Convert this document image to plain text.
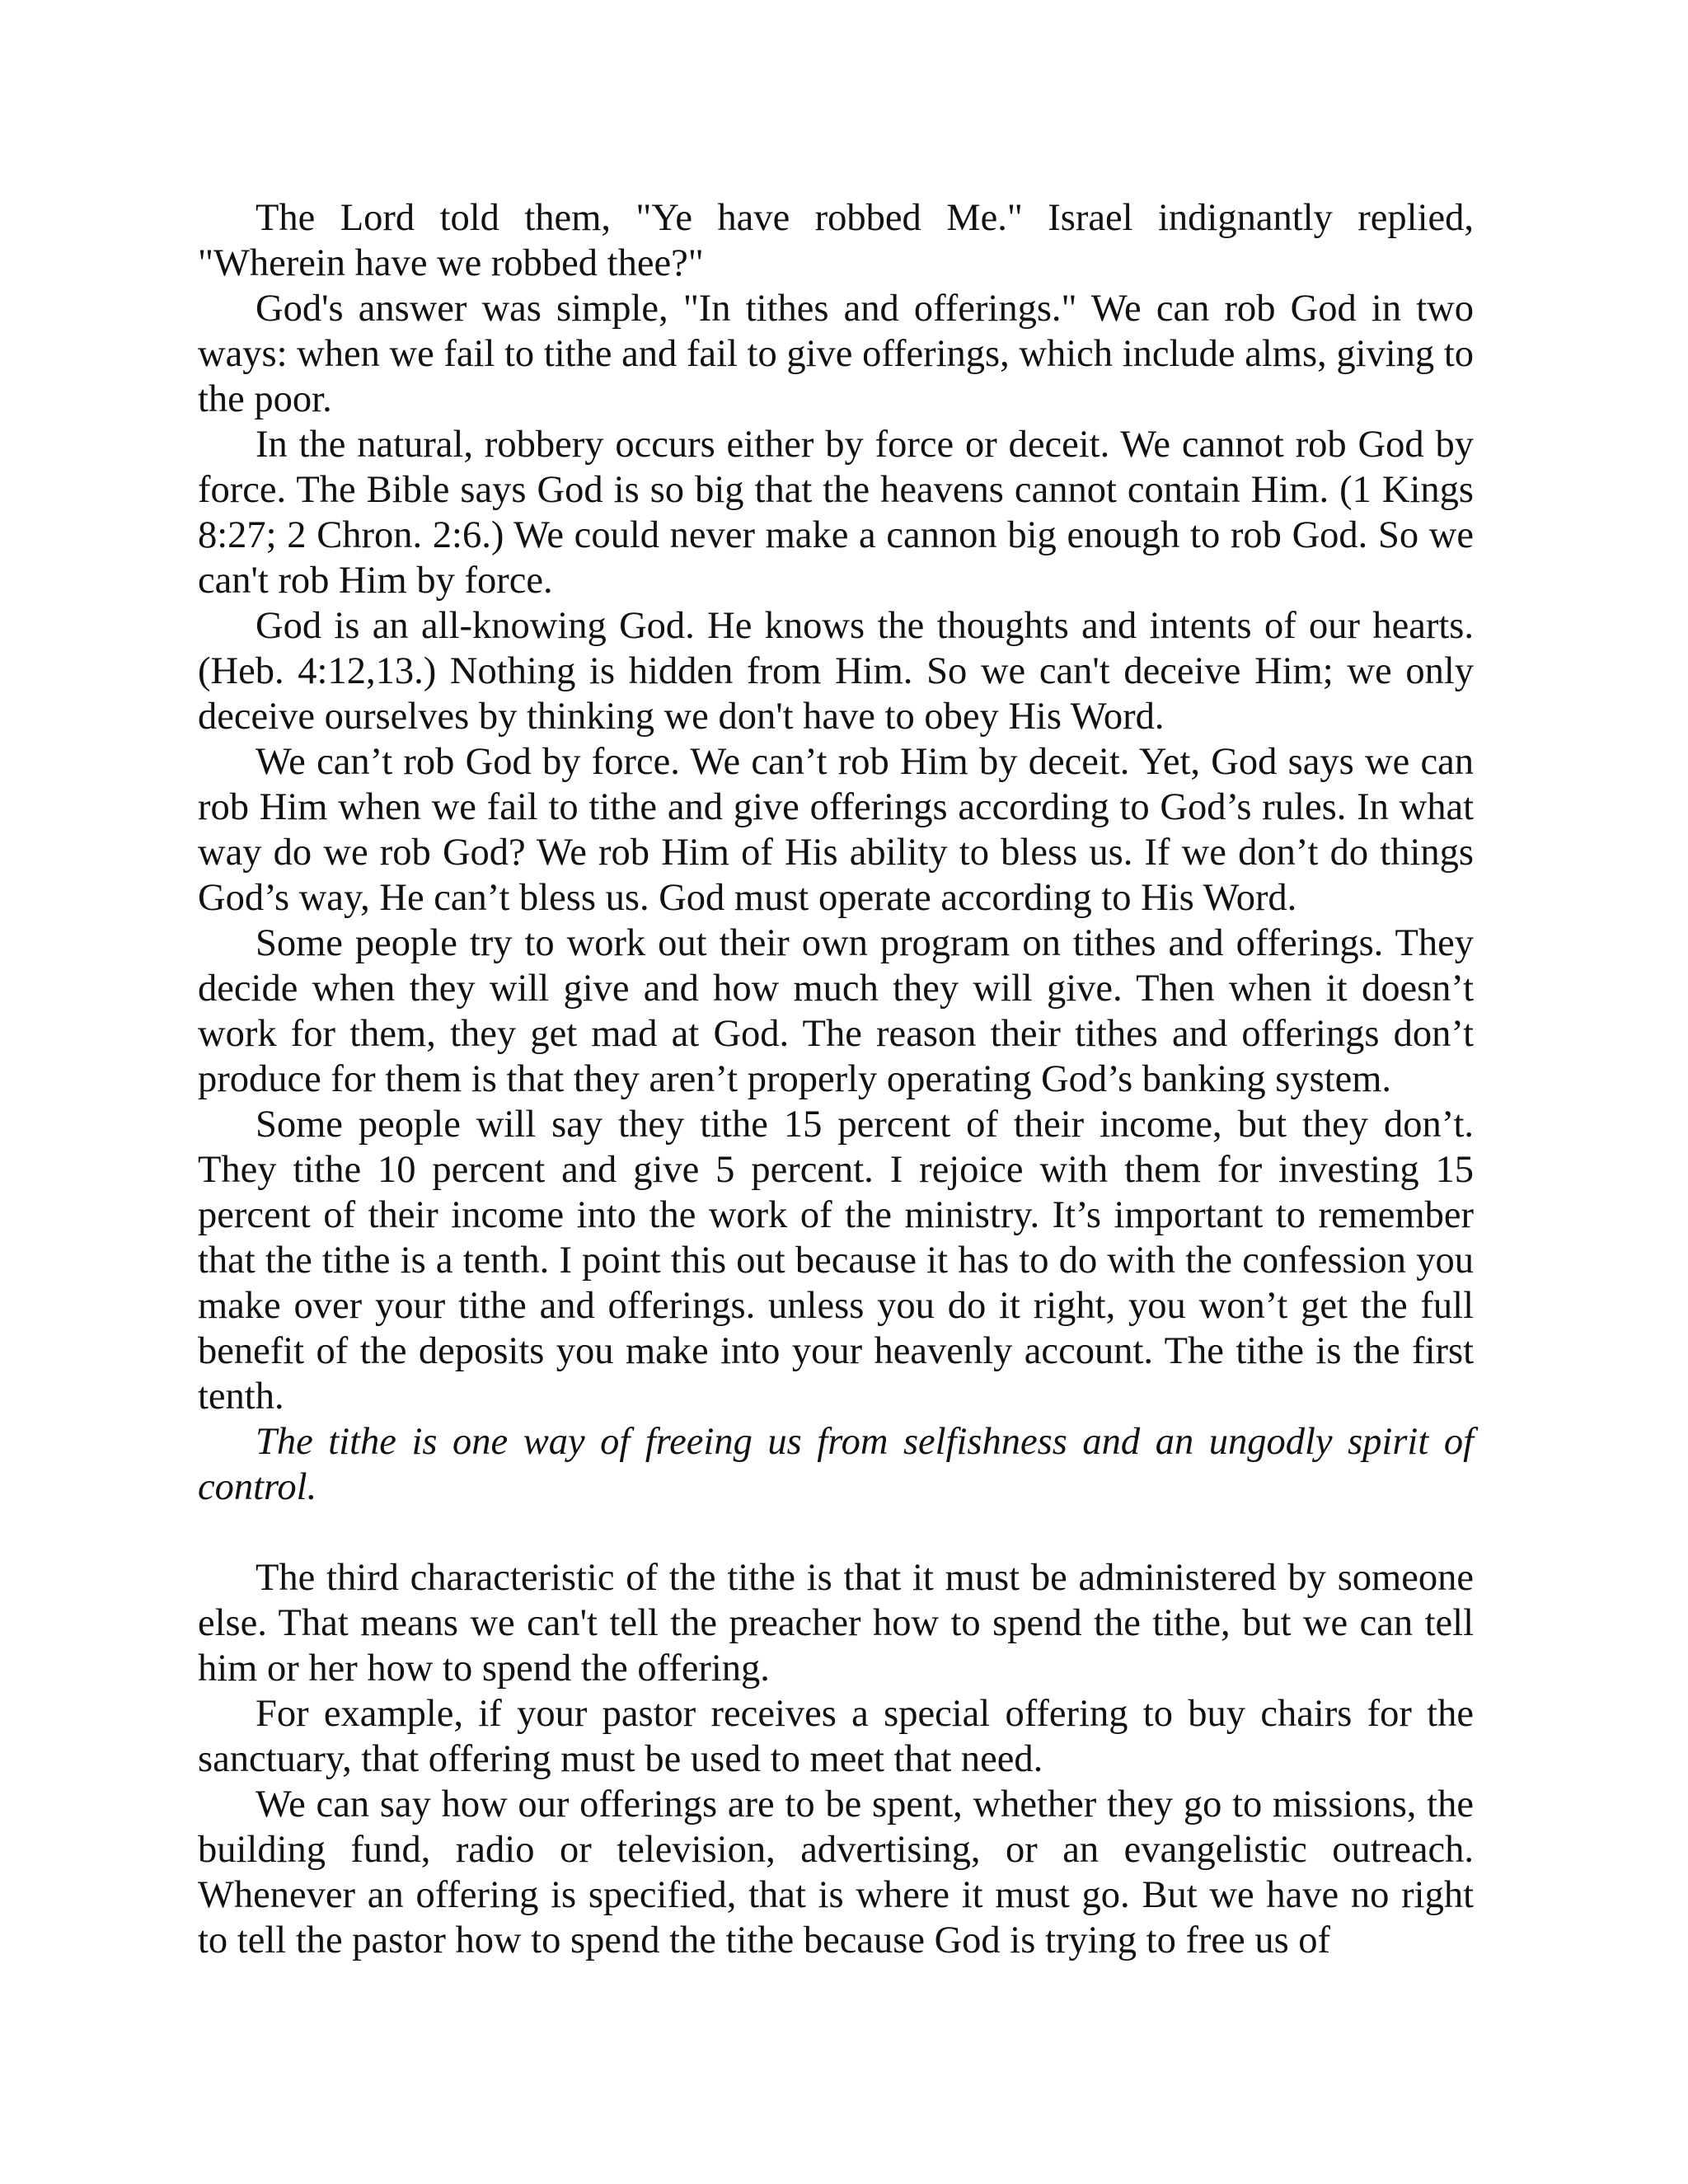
The Lord told them, "Ye have robbed Me." Israel indignantly replied, "Wherein have we robbed thee?"

God's answer was simple, "In tithes and offerings." We can rob God in two ways: when we fail to tithe and fail to give offerings, which include alms, giving to the poor.

In the natural, robbery occurs either by force or deceit. We cannot rob God by force. The Bible says God is so big that the heavens cannot contain Him. (1 Kings 8:27; 2 Chron. 2:6.) We could never make a cannon big enough to rob God. So we can't rob Him by force.

God is an all-knowing God. He knows the thoughts and intents of our hearts. (Heb. 4:12,13.) Nothing is hidden from Him. So we can't deceive Him; we only deceive ourselves by thinking we don't have to obey His Word.

We can’t rob God by force. We can’t rob Him by deceit. Yet, God says we can rob Him when we fail to tithe and give offerings according to God’s rules. In what way do we rob God? We rob Him of His ability to bless us. If we don’t do things God’s way, He can’t bless us. God must operate according to His Word.

Some people try to work out their own program on tithes and offerings. They decide when they will give and how much they will give. Then when it doesn’t work for them, they get mad at God. The reason their tithes and offerings don’t produce for them is that they aren’t properly operating God’s banking system.

Some people will say they tithe 15 percent of their income, but they don’t. They tithe 10 percent and give 5 percent. I rejoice with them for investing 15 percent of their income into the work of the ministry. It’s important to remember that the tithe is a tenth. I point this out because it has to do with the confession you make over your tithe and offerings. unless you do it right, you won’t get the full benefit of the deposits you make into your heavenly account. The tithe is the first tenth.

The tithe is one way of freeing us from selfishness and an ungodly spirit of control.

The third characteristic of the tithe is that it must be administered by someone else. That means we can't tell the preacher how to spend the tithe, but we can tell him or her how to spend the offering.

For example, if your pastor receives a special offering to buy chairs for the sanctuary, that offering must be used to meet that need.

We can say how our offerings are to be spent, whether they go to missions, the building fund, radio or television, advertising, or an evangelistic outreach. Whenever an offering is specified, that is where it must go. But we have no right to tell the pastor how to spend the tithe because God is trying to free us of
